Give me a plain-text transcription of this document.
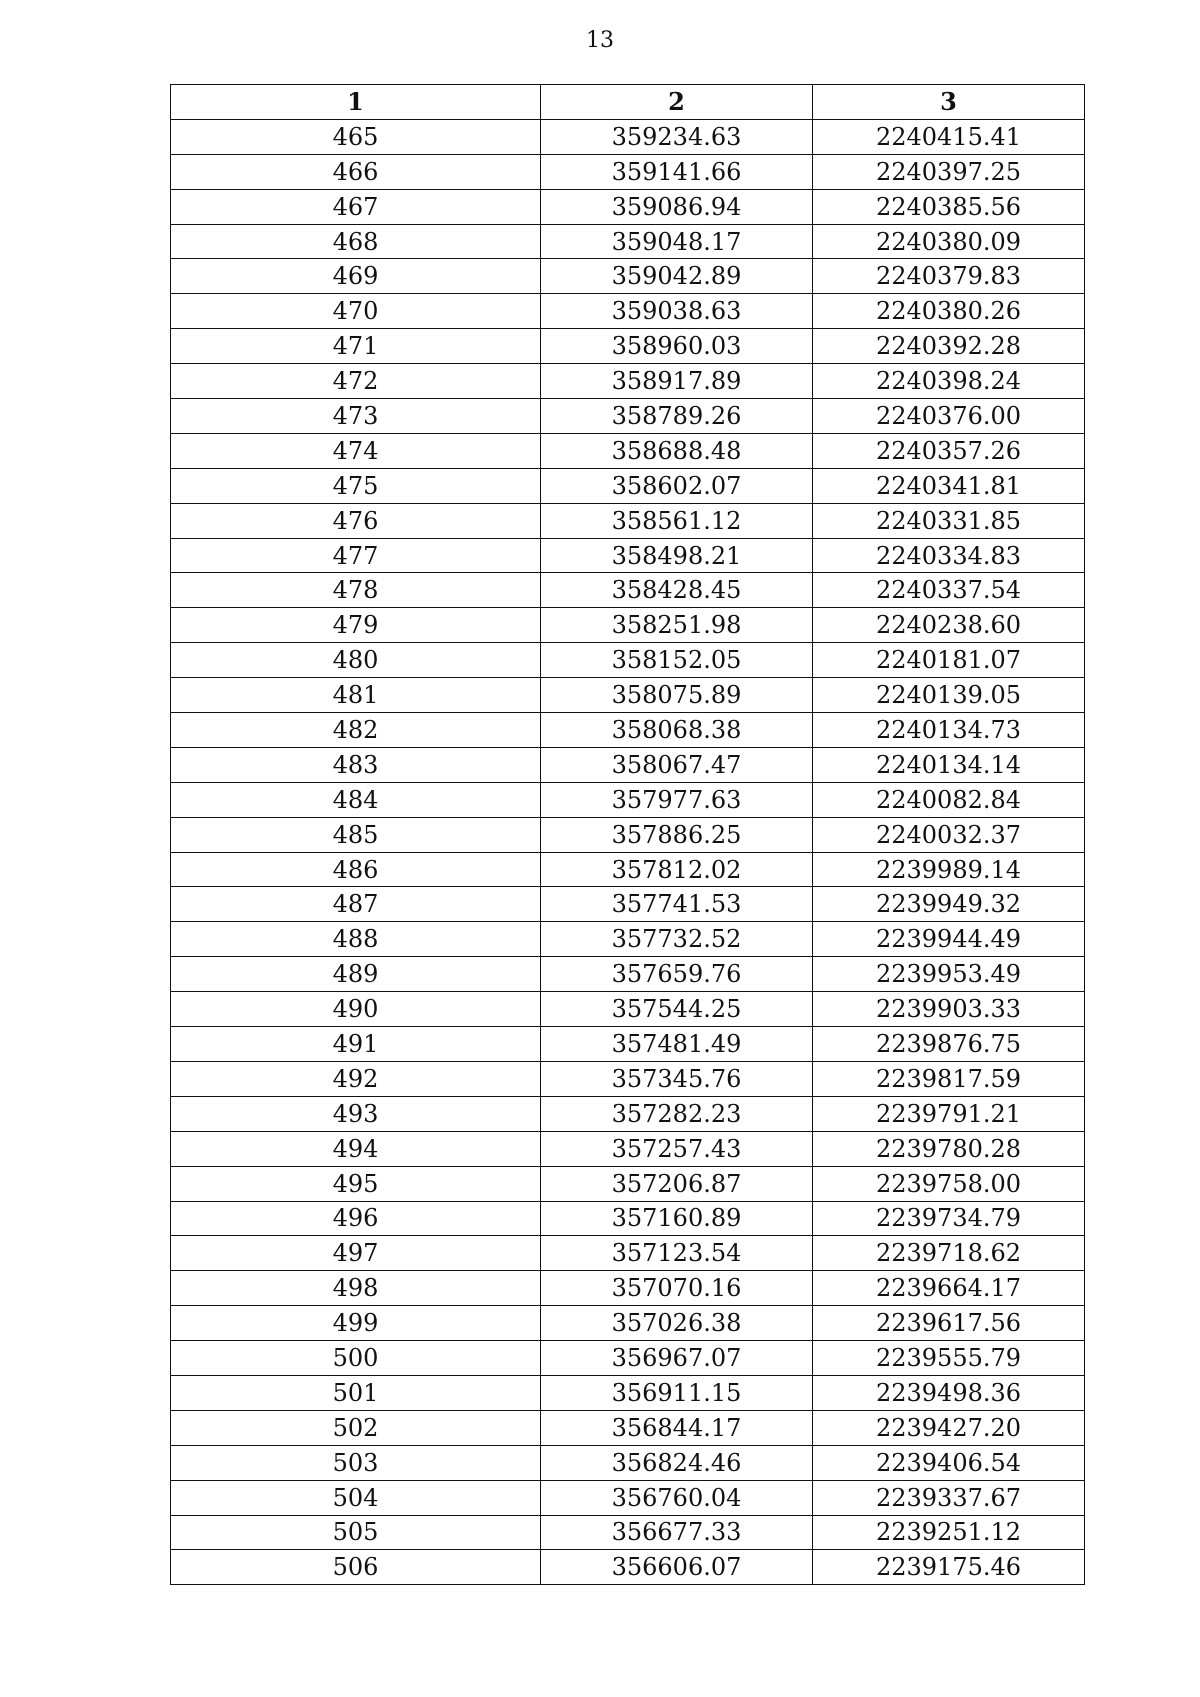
13
1	2	3
465	359234.63	2240415.41
466	359141.66	2240397.25
467	359086.94	2240385.56
468	359048.17	2240380.09
469	359042.89	2240379.83
470	359038.63	2240380.26
471	358960.03	2240392.28
472	358917.89	2240398.24
473	358789.26	2240376.00
474	358688.48	2240357.26
475	358602.07	2240341.81
476	358561.12	2240331.85
477	358498.21	2240334.83
478	358428.45	2240337.54
479	358251.98	2240238.60
480	358152.05	2240181.07
481	358075.89	2240139.05
482	358068.38	2240134.73
483	358067.47	2240134.14
484	357977.63	2240082.84
485	357886.25	2240032.37
486	357812.02	2239989.14
487	357741.53	2239949.32
488	357732.52	2239944.49
489	357659.76	2239953.49
490	357544.25	2239903.33
491	357481.49	2239876.75
492	357345.76	2239817.59
493	357282.23	2239791.21
494	357257.43	2239780.28
495	357206.87	2239758.00
496	357160.89	2239734.79
497	357123.54	2239718.62
498	357070.16	2239664.17
499	357026.38	2239617.56
500	356967.07	2239555.79
501	356911.15	2239498.36
502	356844.17	2239427.20
503	356824.46	2239406.54
504	356760.04	2239337.67
505	356677.33	2239251.12
506	356606.07	2239175.46
